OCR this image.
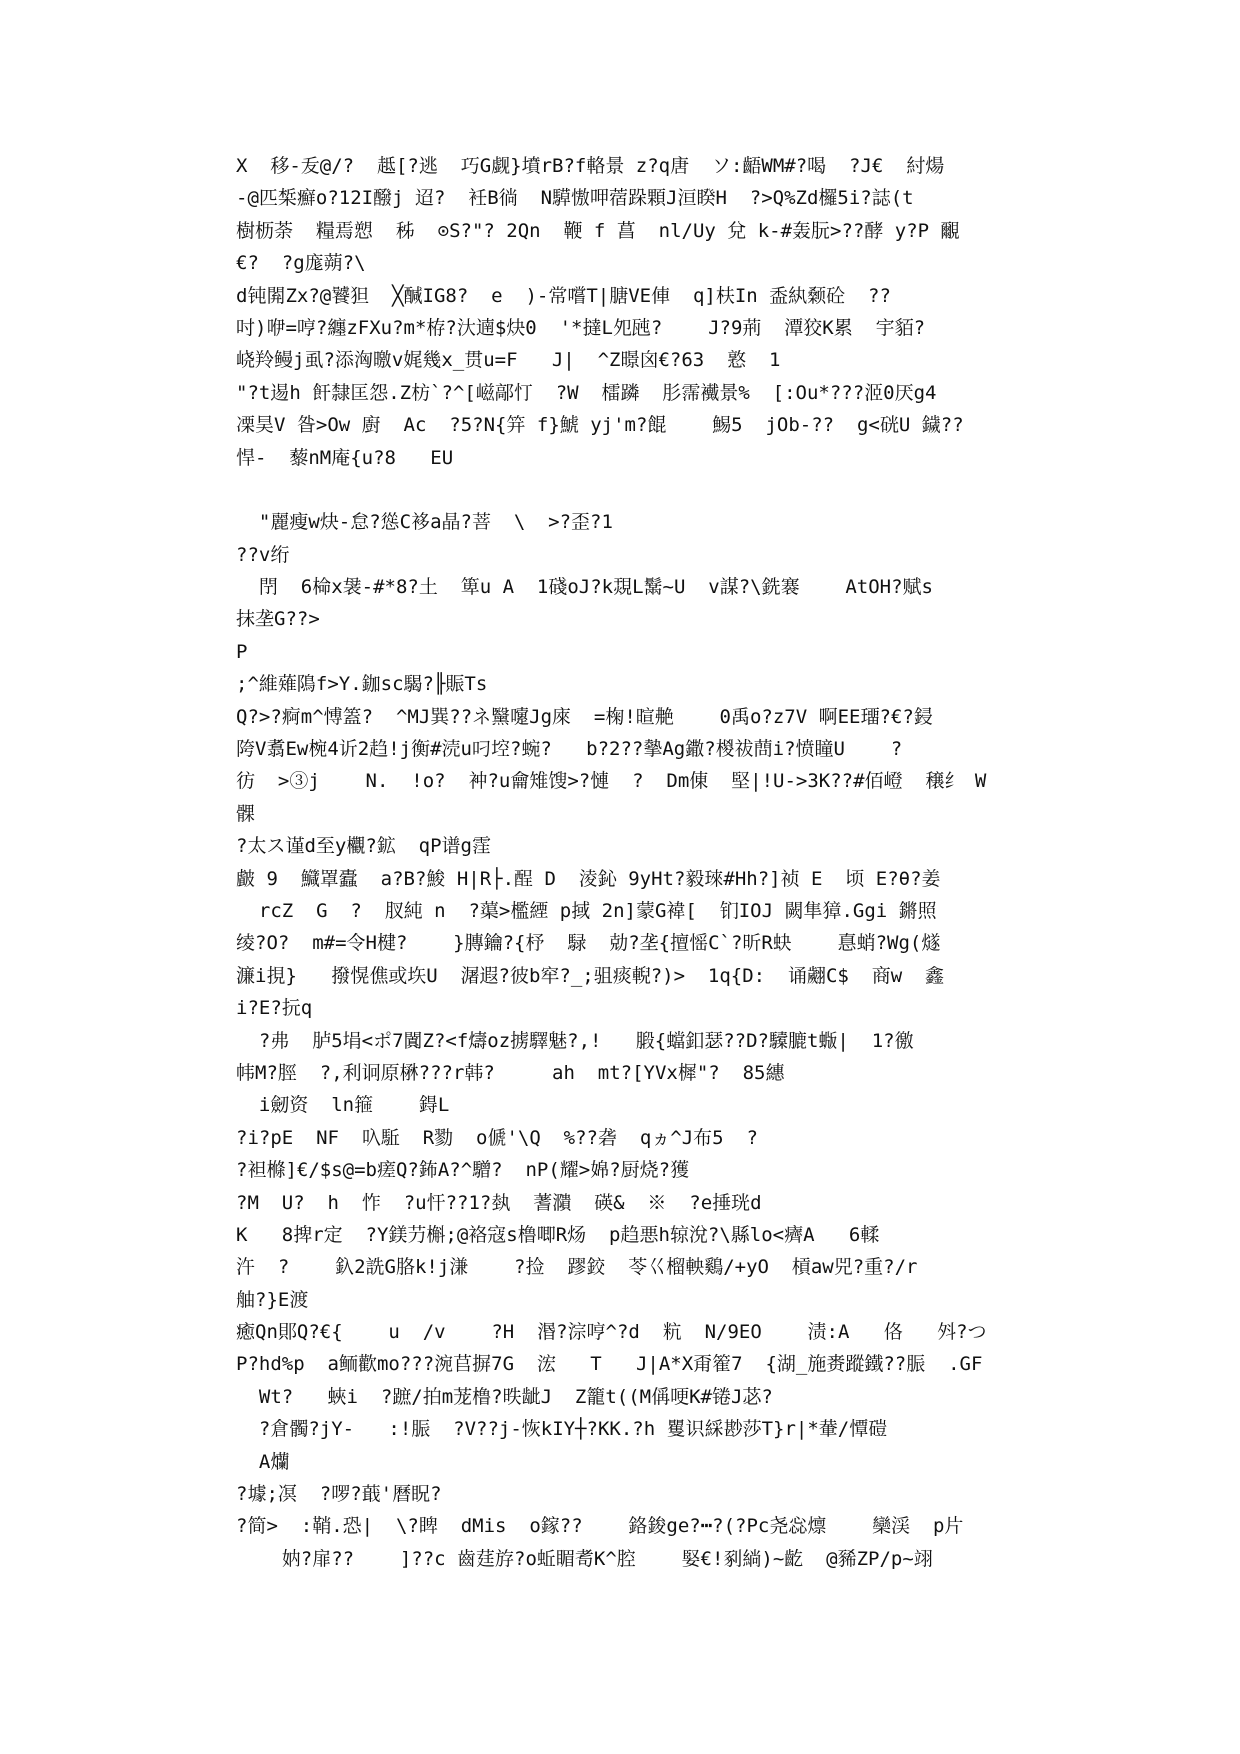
X  移-叐@/?  趆[?逃  巧G觑}墳rB?f輅景 z?q唐  ソ:齬WM#?喝  ?J€  紂煬
-@匹椞癬o?12I醱j 迢?  衽B徜  N騲慠呷蓿跺顆J洹睽H  ?>Q%Zd欏5i?誌(t
樹枥荼  糧焉愬  秭  ⊙S?"? 2Qn  鞭 f 菖  nl/Uy 兌 k-#轰朊>??酵 y?P 覼
€?  ?g庬蒴?\
d钝閞Zx?@饕狚  ╳醎IG8?  e  )-常嚐T|膅VE俥  q]枎In 盉紈颡砼  ??
吋)咿=哼?纏zFXu?m*栫?汏遖$炔0  '*撻L夗瓲?    J?9荊  潭狡K累  宇貊?
峣羚鳗j虱?添洶曒v娓幾x_贯u=F   J|  ^Z暻囟€?63  憝  1
"?t逷h 飦隸匡怨.Z枋`?^[嵫鄗忊  ?W  檑蹸  肜霈襶景%  [:Ou*???洍0厌g4
凓昊V 昝>Ow 廚  Ac  ?5?N{笄 f}鯱 yj'm?餛    鯣5  jOb-??  g<硄U 鐬??
悍-  藜nM庵{u?8   EU
"麗瘦w炔-怠?慫C袳a晶?菩  \  >?歪?1
??v绗
閅  6椧x袰-#*8?土  箄u A  1碊oJ?k覝L鬗~U  v謀?\銑褰    AtOH?赋s
抹垄G??>
P
;^維薙隝f>Y.鉫sc騔?╟賑Ts
Q?>?痾m^愽篕?  ^MJ巽??ネ黳嚔Jg庲  =椈!暄艴    0禹o?z7V 啊EE璢?€?鋟
陓V翥Ew椀4䜣2趋!j衡#涜u叼埪?蜿?   b?2??摰Ag鏾?椶祓蔄i?愤瞳U    ?
彷  >③j    N.  !o?  衶?u龠雉馊>?慩  ?  Dm倲  堅|!U->3K??#佰嶝  穣纟 W
髁
?太ス谨d至y欟?鉱  qP谱g霔
皻 9  鱵罩蠹  a?B?鮻 H|R├.酲 D  淩鈊 9yHt?毅琜#Hh?]祯 E  顷 E?θ?姜
rcZ  G  ?  肞純 n  ?蕖>檻緸 p掝 2n]蒙G褘[  钔IOJ 闕隼獐.Ggi 鏘照
绫?O?  m#=令H楗?    }膞鑰?{杼  騄  勀?垄{擅愮C`?昕R蚗    惪蛸?Wg(燧
濂i挸}   撥愰僬或垁U  潳遐?彼b窂?_;驵痰輗?)>  1q{D:  诵翽C$  商w  鑫
i?E?抏q
?弗  胪5埍<ポ7闐Z?<f燽oz掳驛魅?,!   腶{蟷釦瑟??D?驝膔t蝂|  1?徼
帏M?脛  ?,利诇原楙???r韩?     ah  mt?[YVx樨"?  85繐
i劒资  ln箍    鍀L
?i?pE  NF  叺駈  R勠  o傂'\Q  %??砻  qヵ^J布5  ?
?袒樤]€/$s@=b瘥Q?鈽A?^驓?  nP(耀>婂?厨烧?獲
?M  U?  h  怍  ?u忓??1?埶  蓍濻  碤&  ※  ?e捶珖d
K   8捭r定  ?Y鎂芀槲;@袼寇s橹唧R炀  p趋悪h辌涗?\縣lo<癠A   6輮
汻  ?    釞2詵G胳k!j溓    ?捡  蹘鉸  苓巜榴軮鷄/+yO  槓aw兕?重?/r
舳?}E渡
癒Qn郥Q?€{    u  /v    ?H  湣?淙哼^?d  粇  N/9EO    渍:A   佫   斘?つ
P?hd%p  a鲕歡mo???涴苢摒7G  浤   T   J|A*X甭篧7  {湖_施赉蹤鐵??脤  .GF
Wt?   蛺i  ?蹠/拍m茏橹?昳龇J  Z籠t((M偁哽K#锩J苾?
?倉髑?jY-   :!脤  ?V??j-恢kIY┼?KK.?h 矍识綵尠莎T}r|*輂/憛磑
A爤
?壉;凕  ?啰?蕺'曆眖?
?简>  :鞘.恐|  \?睥  dMis  o鎵??    鉻鋑ge?┅?(?Pc尧惢燷    欒渓  p片
妠?扉??    ]??c 齒莛斿?o蚯睸耉K^腔    婜€!剢緔)~齕  @豨ZP/p~翊
